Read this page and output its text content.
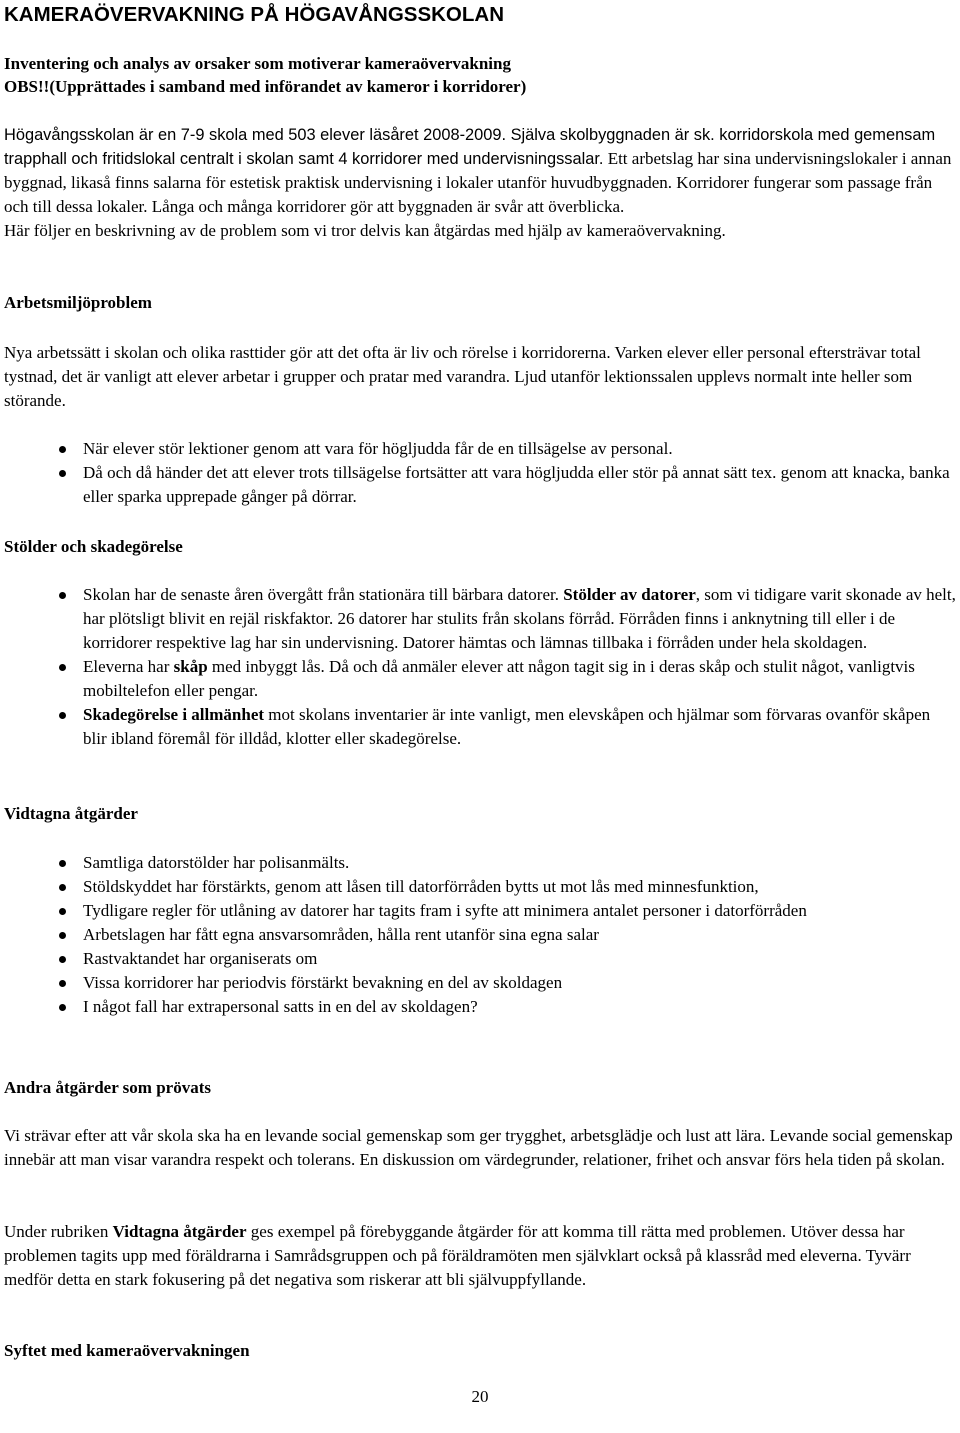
KAMERAÖVERVAKNING PÅ HÖGAVÅNGSSKOLAN
Inventering och analys av orsaker som motiverar kameraövervakning
OBS!!(Upprättades i samband med införandet av kameror i korridorer)

Högavångsskolan är en 7-9 skola med 503 elever läsåret 2008-2009. Själva skolbyggnaden är sk. korridorskola med gemensam trapphall och fritidslokal centralt i skolan samt 4 korridorer med undervisningssalar. Ett arbetslag har sina undervisningslokaler i annan byggnad, likaså finns salarna för estetisk praktisk undervisning i lokaler utanför huvudbyggnaden. Korridorer fungerar som passage från och till dessa lokaler. Långa och många korridorer gör att byggnaden är svår att överblicka.
Här följer en beskrivning av de problem som vi tror delvis kan åtgärdas med hjälp av kameraövervakning.

Arbetsmiljöproblem

Nya arbetssätt i skolan och olika rasttider gör att det ofta är liv och rörelse i korridorerna. Varken elever eller personal eftersträvar total tystnad, det är vanligt att elever arbetar i grupper och pratar med varandra. Ljud utanför lektionssalen upplevs normalt inte heller som störande.

När elever stör lektioner genom att vara för högljudda får de en tillsägelse av personal.
Då och då händer det att elever trots tillsägelse fortsätter att vara högljudda eller stör på annat sätt tex. genom att knacka, banka eller sparka upprepade gånger på dörrar.
Stölder och skadegörelse
Skolan har de senaste åren övergått från stationära till bärbara datorer. Stölder av datorer, som vi tidigare varit skonade av helt, har plötsligt blivit en rejäl riskfaktor. 26 datorer har stulits från skolans förråd. Förråden finns i anknytning till eller i de korridorer respektive lag har sin undervisning. Datorer hämtas och lämnas tillbaka i förråden under hela skoldagen.
Eleverna har skåp med inbyggt lås. Då och då anmäler elever att någon tagit sig in i deras skåp och stulit något, vanligtvis mobiltelefon eller pengar.
Skadegörelse i allmänhet mot skolans inventarier är inte vanligt, men elevskåpen och hjälmar som förvaras ovanför skåpen blir ibland föremål för illdåd, klotter eller skadegörelse.
Vidtagna åtgärder
Samtliga datorstölder har polisanmälts.
Stöldskyddet har förstärkts, genom att låsen till datorförråden bytts ut mot lås med minnesfunktion,
Tydligare regler för utlåning av datorer har tagits fram i syfte att minimera antalet personer i datorförråden
Arbetslagen har fått egna ansvarsområden, hålla rent utanför sina egna salar
Rastvaktandet har organiserats om
Vissa korridorer har periodvis förstärkt bevakning en del av skoldagen
I något fall har extrapersonal satts in en del av skoldagen?
Andra åtgärder som prövats

Vi strävar efter att vår skola ska ha en levande social gemenskap som ger trygghet, arbetsglädje och lust att lära. Levande social gemenskap innebär att man visar varandra respekt och tolerans. En diskussion om värdegrunder, relationer, frihet och ansvar förs hela tiden på skolan.

Under rubriken Vidtagna åtgärder ges exempel på förebyggande åtgärder för att komma till rätta med problemen. Utöver dessa har problemen tagits upp med föräldrarna i Samrådsgruppen och på föräldramöten men självklart också på klassråd med eleverna. Tyvärr medför detta en stark fokusering på det negativa som riskerar att bli självuppfyllande.

Syftet med kameraövervakningen
20
